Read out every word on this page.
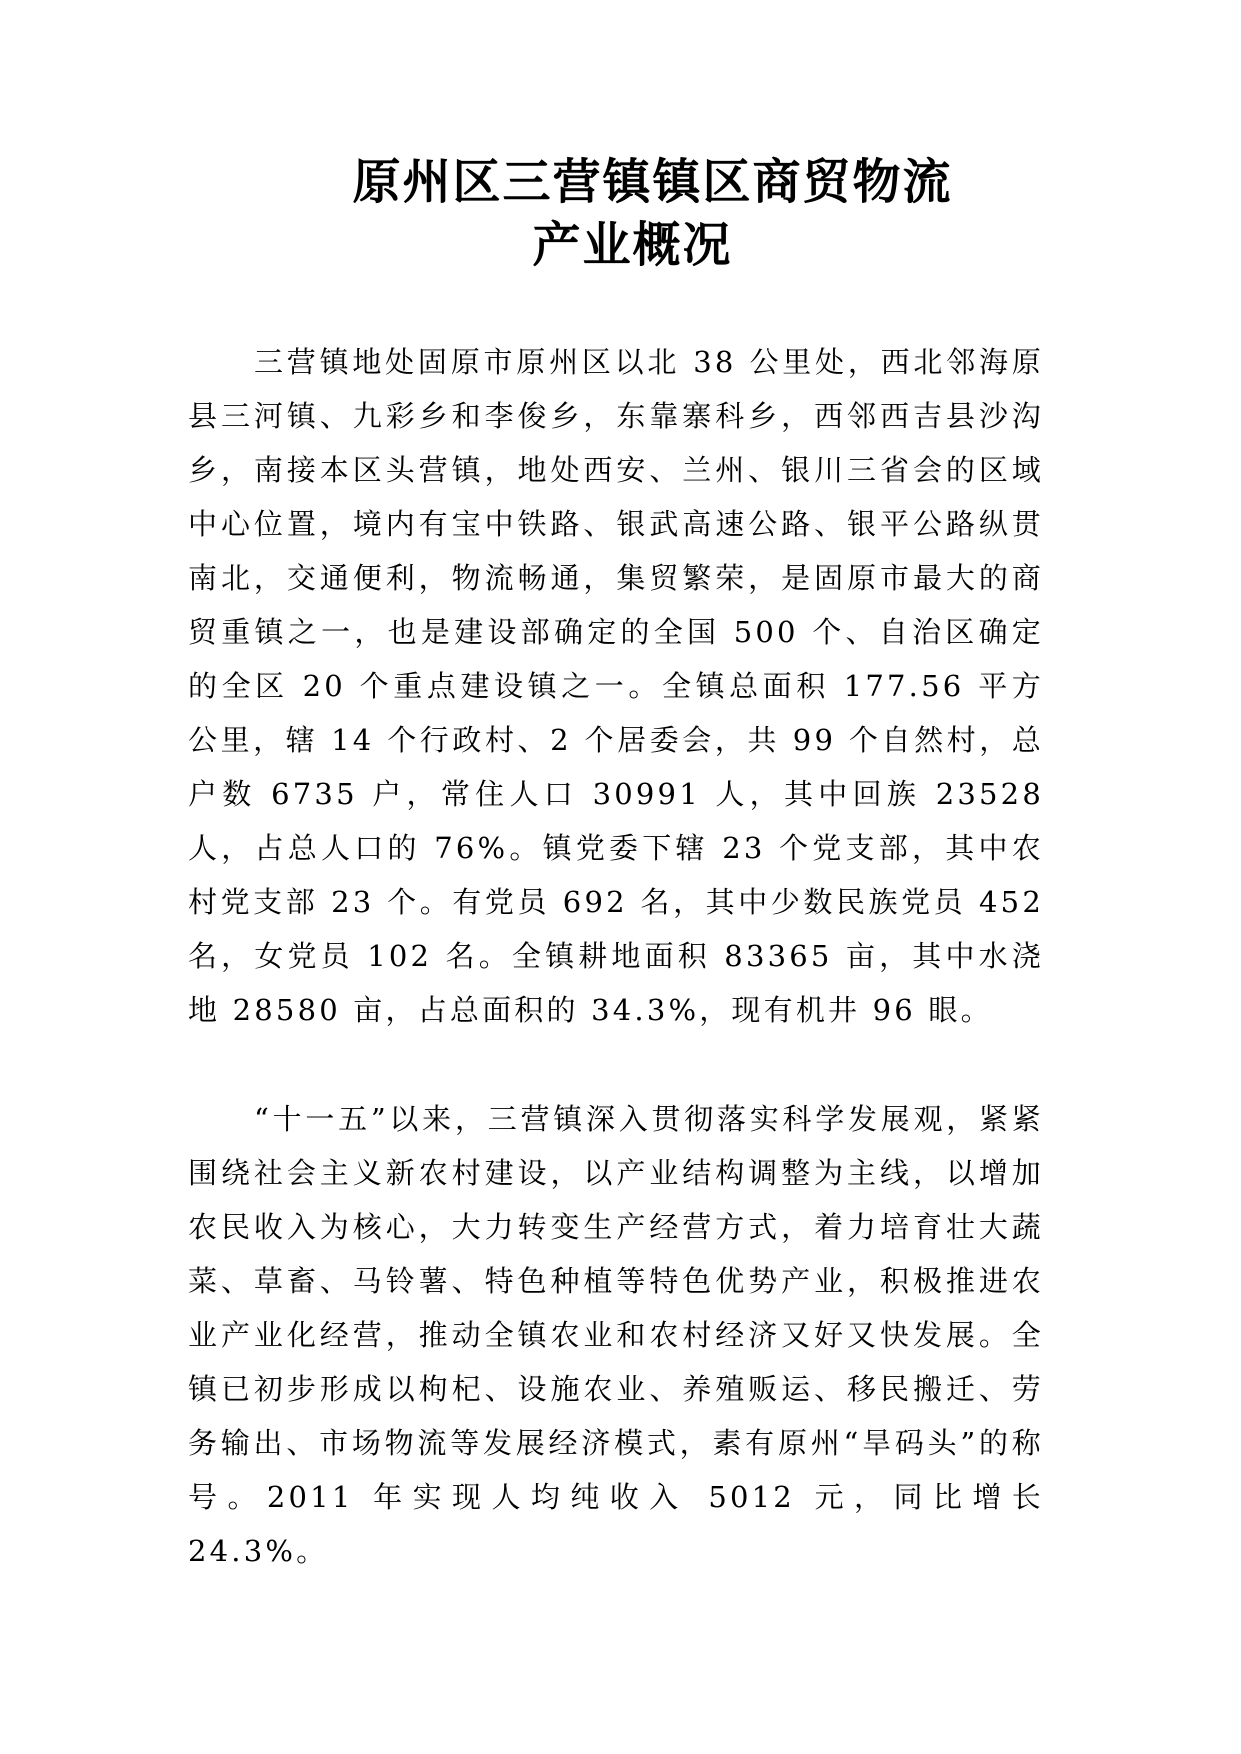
原州区三营镇镇区商贸物流
产业概况

三营镇地处固原市原州区以北 38 公里处，西北邻海原县三河镇、九彩乡和李俊乡，东靠寨科乡，西邻西吉县沙沟乡，南接本区头营镇，地处西安、兰州、银川三省会的区域中心位置，境内有宝中铁路、银武高速公路、银平公路纵贯南北，交通便利，物流畅通，集贸繁荣，是固原市最大的商贸重镇之一，也是建设部确定的全国 500 个、自治区确定的全区 20 个重点建设镇之一。全镇总面积 177.56 平方公里，辖 14 个行政村、2 个居委会，共 99 个自然村，总户数 6735 户，常住人口 30991 人，其中回族 23528 人，占总人口的 76%。镇党委下辖 23 个党支部，其中农村党支部 23 个。有党员 692 名，其中少数民族党员 452 名，女党员 102 名。全镇耕地面积 83365 亩，其中水浇地 28580 亩，占总面积的 34.3%，现有机井 96 眼。

“十一五”以来，三营镇深入贯彻落实科学发展观，紧紧围绕社会主义新农村建设，以产业结构调整为主线，以增加农民收入为核心，大力转变生产经营方式，着力培育壮大蔬菜、草畜、马铃薯、特色种植等特色优势产业，积极推进农业产业化经营，推动全镇农业和农村经济又好又快发展。全镇已初步形成以枸杞、设施农业、养殖贩运、移民搬迁、劳务输出、市场物流等发展经济模式，素有原州“旱码头”的称号。2011 年实现人均纯收入 5012 元，同比增长 24.3%。
